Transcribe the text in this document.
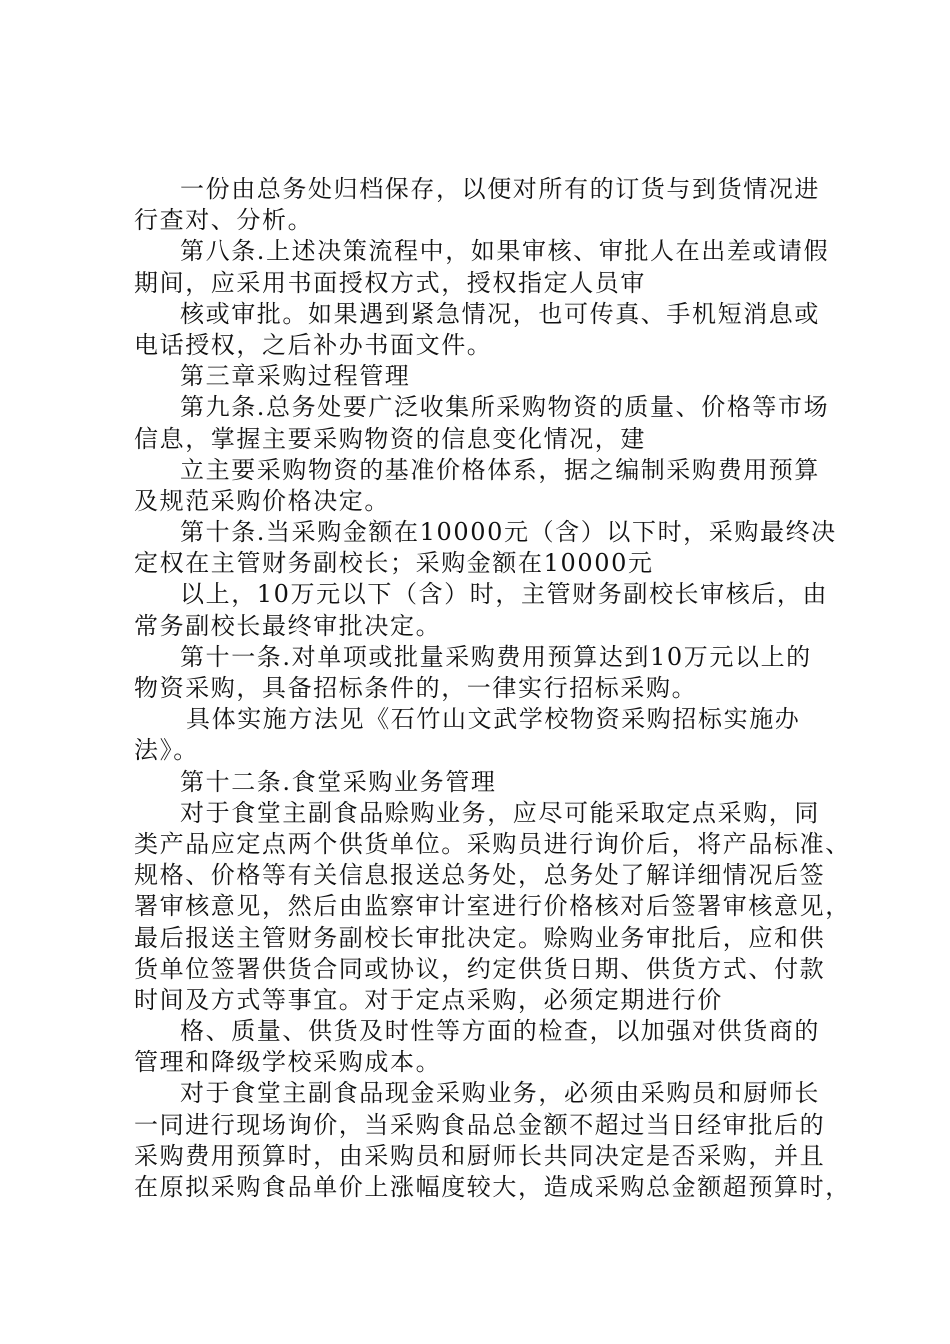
一份由总务处归档保存，以便对所有的订货与到货情况进
行查对、分析。
第八条.上述决策流程中，如果审核、审批人在出差或请假
期间，应采用书面授权方式，授权指定人员审
核或审批。如果遇到紧急情况，也可传真、手机短消息或
电话授权，之后补办书面文件。
第三章采购过程管理
第九条.总务处要广泛收集所采购物资的质量、价格等市场
信息，掌握主要采购物资的信息变化情况，建
立主要采购物资的基准价格体系，据之编制采购费用预算
及规范采购价格决定。
第十条.当采购金额在10000元（含）以下时，采购最终决
定权在主管财务副校长；采购金额在10000元
以上，10万元以下（含）时，主管财务副校长审核后，由
常务副校长最终审批决定。
第十一条.对单项或批量采购费用预算达到10万元以上的
物资采购，具备招标条件的，一律实行招标采购。
具体实施方法见《石竹山文武学校物资采购招标实施办
法》。
第十二条.食堂采购业务管理
对于食堂主副食品赊购业务，应尽可能采取定点采购，同
类产品应定点两个供货单位。采购员进行询价后，将产品标准、
规格、价格等有关信息报送总务处，总务处了解详细情况后签
署审核意见，然后由监察审计室进行价格核对后签署审核意见，
最后报送主管财务副校长审批决定。赊购业务审批后，应和供
货单位签署供货合同或协议，约定供货日期、供货方式、付款
时间及方式等事宜。对于定点采购，必须定期进行价
格、质量、供货及时性等方面的检查，以加强对供货商的
管理和降级学校采购成本。
对于食堂主副食品现金采购业务，必须由采购员和厨师长
一同进行现场询价，当采购食品总金额不超过当日经审批后的
采购费用预算时，由采购员和厨师长共同决定是否采购，并且
在原拟采购食品单价上涨幅度较大，造成采购总金额超预算时，
